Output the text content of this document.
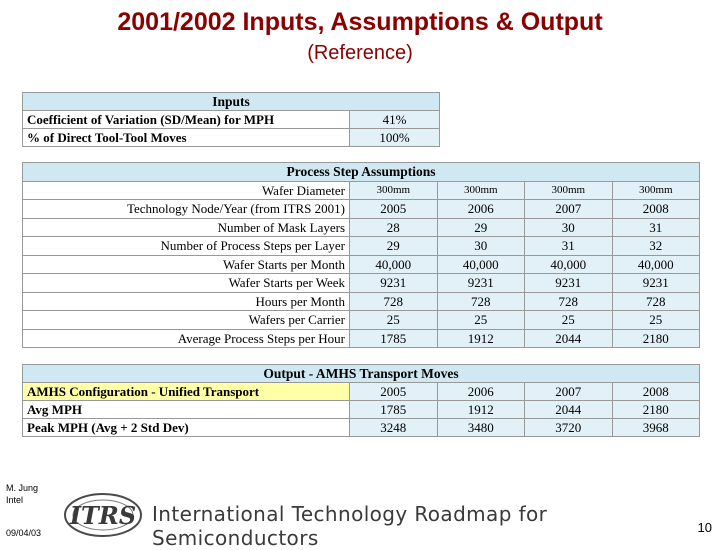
2001/2002 Inputs, Assumptions & Output
(Reference)
Inputs	
Coefficient of Variation (SD/Mean) for MPH	41%
% of Direct Tool-Tool Moves	100%
Process Step Assumptions				
Wafer Diameter	300mm	300mm	300mm	300mm
Technology Node/Year (from ITRS 2001)	2005	2006	2007	2008
Number of Mask Layers	28	29	30	31
Number of Process Steps per Layer	29	30	31	32
Wafer Starts per Month	40,000	40,000	40,000	40,000
Wafer Starts per Week	9231	9231	9231	9231
Hours per Month	728	728	728	728
Wafers per Carrier	25	25	25	25
Average Process Steps per Hour	1785	1912	2044	2180
Output - AMHS Transport Moves				
AMHS Configuration - Unified Transport	2005	2006	2007	2008
Avg MPH	1785	1912	2044	2180
Peak MPH (Avg + 2 Std Dev)	3248	3480	3720	3968
M. Jung
Intel
09/04/03
ITRS International Technology Roadmap for Semiconductors	10
